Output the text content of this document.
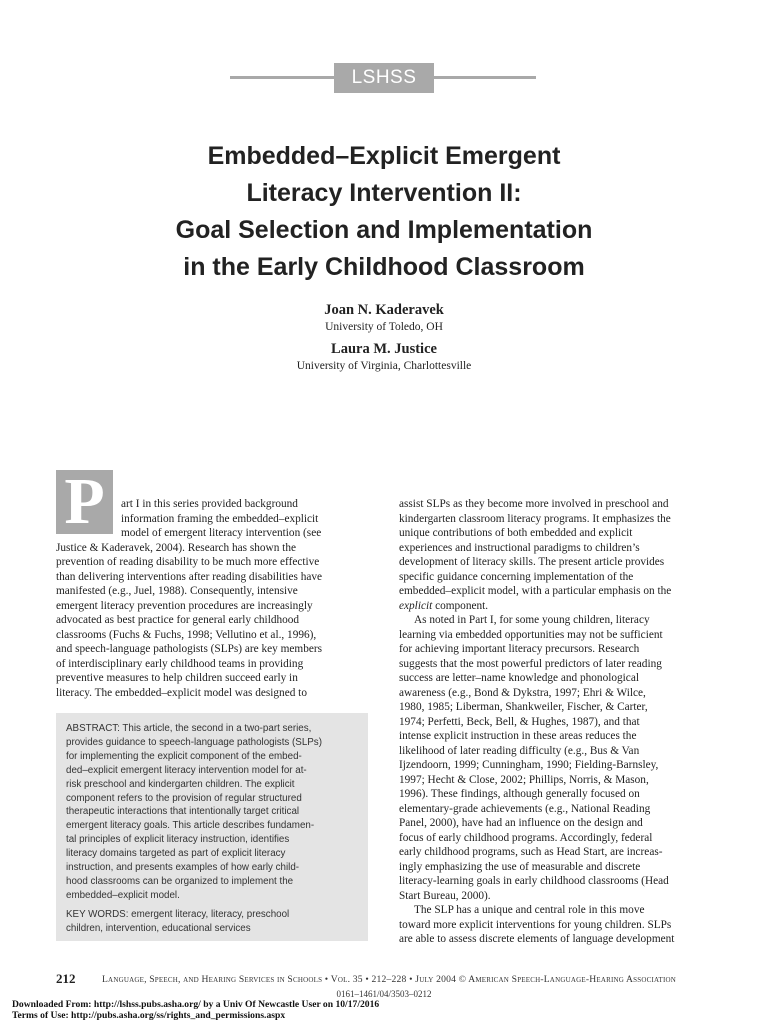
LSHSS
Embedded–Explicit Emergent
Literacy Intervention II:
Goal Selection and Implementation
in the Early Childhood Classroom
Joan N. Kaderavek
University of Toledo, OH
Laura M. Justice
University of Virginia, Charlottesville
P	art I in this series provided background
information framing the embedded–explicit
model of emergent literacy intervention (see
Justice & Kaderavek, 2004). Research has shown the
prevention of reading disability to be much more effective
than delivering interventions after reading disabilities have
manifested (e.g., Juel, 1988). Consequently, intensive
emergent literacy prevention procedures are increasingly
advocated as best practice for general early childhood
classrooms (Fuchs & Fuchs, 1998; Vellutino et al., 1996),
and speech-language pathologists (SLPs) are key members
of interdisciplinary early childhood teams in providing
preventive measures to help children succeed early in
literacy. The embedded–explicit model was designed to
ABSTRACT: This article, the second in a two-part series,
provides guidance to speech-language pathologists (SLPs)
for implementing the explicit component of the embed-
ded–explicit emergent literacy intervention model for at-
risk preschool and kindergarten children. The explicit
component refers to the provision of regular structured
therapeutic interactions that intentionally target critical
emergent literacy goals. This article describes fundamen-
tal principles of explicit literacy instruction, identifies
literacy domains targeted as part of explicit literacy
instruction, and presents examples of how early child-
hood classrooms can be organized to implement the
embedded–explicit model.
KEY WORDS: emergent literacy, literacy, preschool
children, intervention, educational services
assist SLPs as they become more involved in preschool and
kindergarten classroom literacy programs. It emphasizes the
unique contributions of both embedded and explicit
experiences and instructional paradigms to children’s
development of literacy skills. The present article provides
specific guidance concerning implementation of the
embedded–explicit model, with a particular emphasis on the
explicit component.
As noted in Part I, for some young children, literacy
learning via embedded opportunities may not be sufficient
for achieving important literacy precursors. Research
suggests that the most powerful predictors of later reading
success are letter–name knowledge and phonological
awareness (e.g., Bond & Dykstra, 1997; Ehri & Wilce,
1980, 1985; Liberman, Shankweiler, Fischer, & Carter,
1974; Perfetti, Beck, Bell, & Hughes, 1987), and that
intense explicit instruction in these areas reduces the
likelihood of later reading difficulty (e.g., Bus & Van
Ijzendoorn, 1999; Cunningham, 1990; Fielding-Barnsley,
1997; Hecht & Close, 2002; Phillips, Norris, & Mason,
1996). These findings, although generally focused on
elementary-grade achievements (e.g., National Reading
Panel, 2000), have had an influence on the design and
focus of early childhood programs. Accordingly, federal
early childhood programs, such as Head Start, are increas-
ingly emphasizing the use of measurable and discrete
literacy-learning goals in early childhood classrooms (Head
Start Bureau, 2000).
The SLP has a unique and central role in this move
toward more explicit interventions for young children. SLPs
are able to assess discrete elements of language development
212	Language, Speech, and Hearing Services in Schools • Vol. 35 • 212–228 • July 2004 © American Speech-Language-Hearing Association
0161–1461/04/3503–0212
Downloaded From: http://lshss.pubs.asha.org/ by a Univ Of Newcastle User on 10/17/2016
Terms of Use: http://pubs.asha.org/ss/rights_and_permissions.aspx
